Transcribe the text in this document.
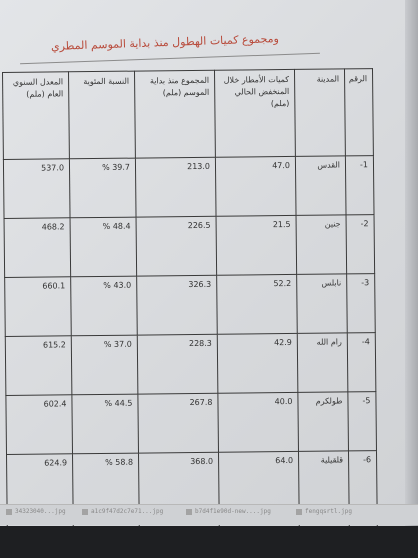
ومجموع كميات الهطول منذ بداية الموسم المطري
المعدل السنوي العام (ملم)	النسبة المئوية	المجموع منذ بداية الموسم (ملم)	كميات الأمطار خلال المنخفض الحالي (ملم)	المدينة	الرقم
537.0	% 39.7	213.0	47.0	القدس	-1
468.2	% 48.4	226.5	21.5	جنين	-2
660.1	% 43.0	326.3	52.2	نابلس	-3
615.2	% 37.0	228.3	42.9	رام الله	-4
602.4	% 44.5	267.8	40.0	طولكرم	-5
624.9	% 58.8	368.0	64.0	قلقيلية	-6

34323040...jpg	a1c9f47d2c7e71...jpg	b7d4f1e90d-new....jpg	fengqsrtl.jpg
